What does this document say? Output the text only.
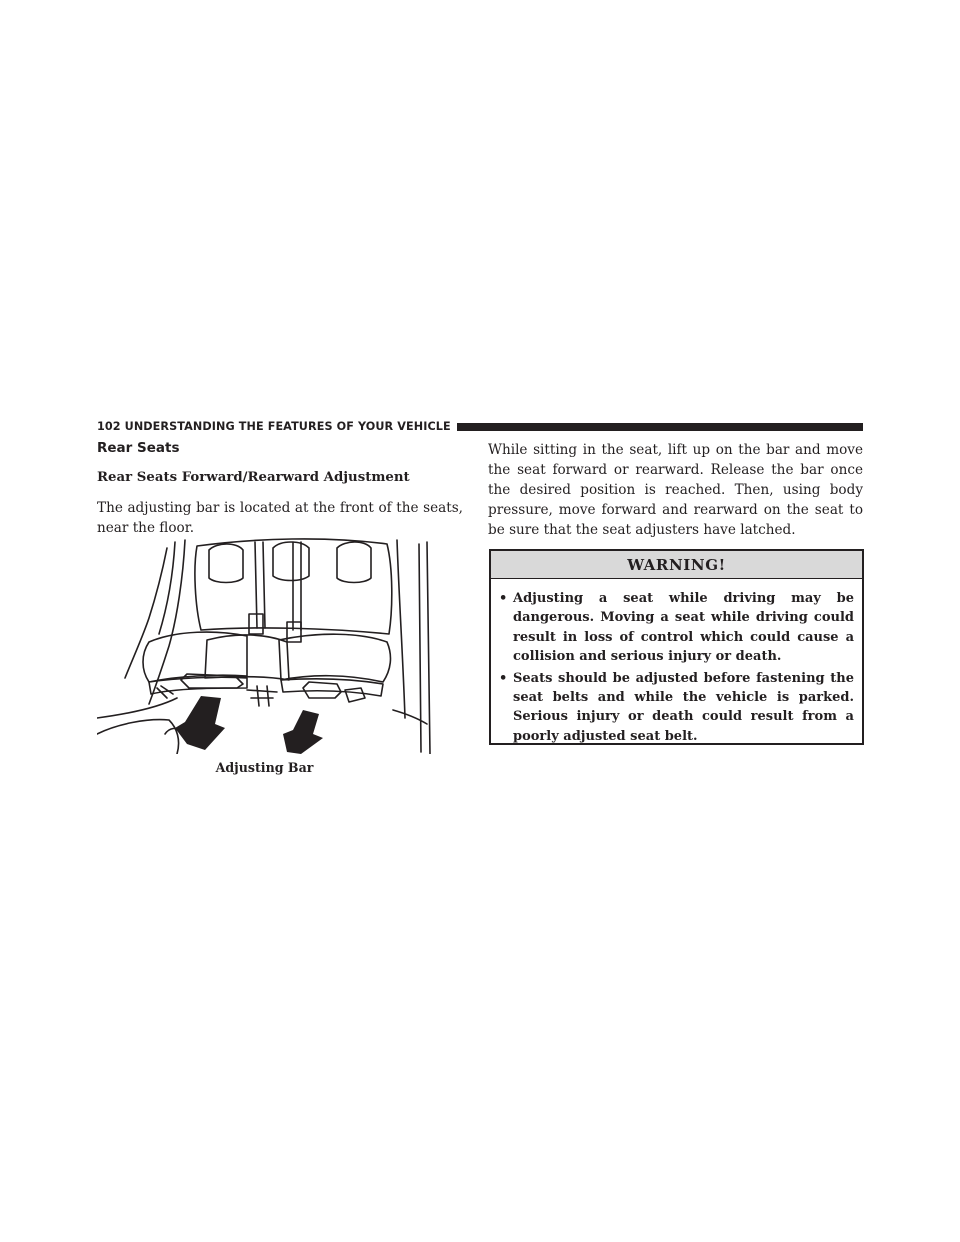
102 UNDERSTANDING THE FEATURES OF YOUR VEHICLE
Rear Seats
Rear Seats Forward/Rearward Adjustment

The adjusting bar is located at the front of the seats, near the floor.

Adjusting Bar

While sitting in the seat, lift up on the bar and move the seat forward or rearward. Release the bar once the desired position is reached. Then, using body pressure, move forward and rearward on the seat to be sure that the seat adjusters have latched.

WARNING!
• Adjusting a seat while driving may be dangerous. Moving a seat while driving could result in loss of control which could cause a collision and serious injury or death.
• Seats should be adjusted before fastening the seat belts and while the vehicle is parked. Serious injury or death could result from a poorly adjusted seat belt.
